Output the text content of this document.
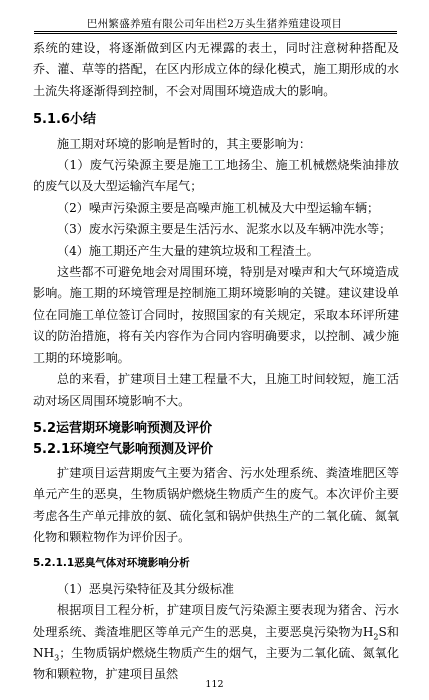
巴州繁盛养殖有限公司年出栏2万头生猪养殖建设项目

系统的建设，将逐渐做到区内无裸露的表土，同时注意树种搭配及乔、灌、草等的搭配，在区内形成立体的绿化模式，施工期形成的水土流失将逐渐得到控制，不会对周围环境造成大的影响。

5.1.6小结

施工期对环境的影响是暂时的，其主要影响为：

（1）废气污染源主要是施工工地扬尘、施工机械燃烧柴油排放的废气以及大型运输汽车尾气；

（2）噪声污染源主要是高噪声施工机械及大中型运输车辆；

（3）废水污染源主要是生活污水、泥浆水以及车辆冲洗水等；

（4）施工期还产生大量的建筑垃圾和工程渣土。

这些都不可避免地会对周围环境，特别是对噪声和大气环境造成影响。施工期的环境管理是控制施工期环境影响的关键。建议建设单位在同施工单位签订合同时，按照国家的有关规定，采取本环评所建议的防治措施，将有关内容作为合同内容明确要求，以控制、减少施工期的环境影响。

总的来看，扩建项目土建工程量不大，且施工时间较短，施工活动对场区周围环境影响不大。

5.2运营期环境影响预测及评价

5.2.1环境空气影响预测及评价

扩建项目运营期废气主要为猪舍、污水处理系统、粪渣堆肥区等单元产生的恶臭，生物质锅炉燃烧生物质产生的废气。本次评价主要考虑各生产单元排放的氨、硫化氢和锅炉供热生产的二氧化硫、氮氧化物和颗粒物作为评价因子。

5.2.1.1恶臭气体对环境影响分析

（1）恶臭污染特征及其分级标准

根据项目工程分析，扩建项目废气污染源主要表现为猪舍、污水处理系统、粪渣堆肥区等单元产生的恶臭，主要恶臭污染物为$H_2S$和$NH_3$；生物质锅炉燃烧生物质产生的烟气，主要为二氧化硫、氮氧化物和颗粒物，扩建项目虽然

112
